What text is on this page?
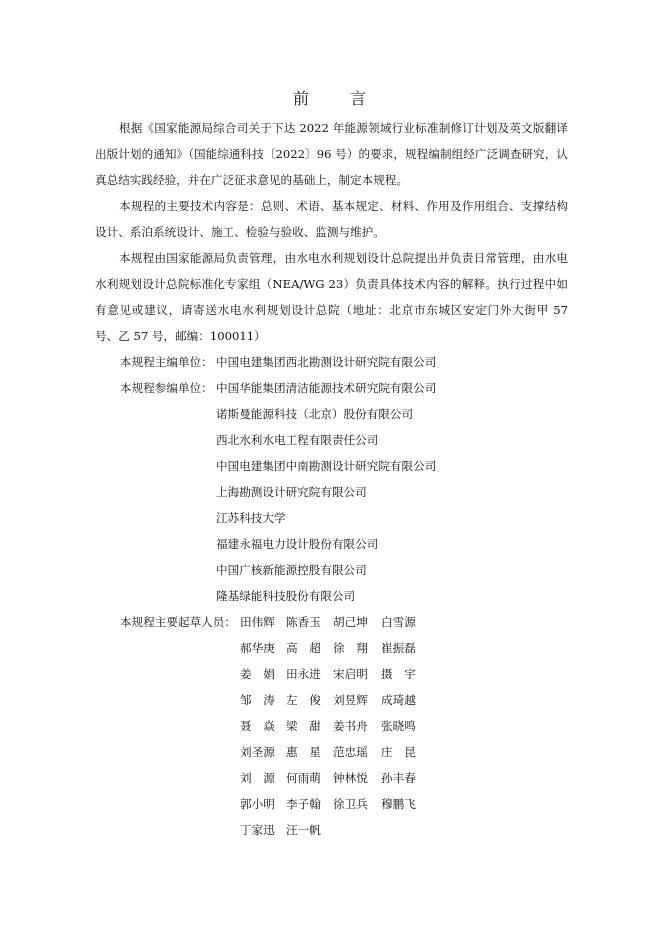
前 言

根据《国家能源局综合司关于下达 2022 年能源领域行业标准制修订计划及英文版翻译出版计划的通知》（国能综通科技〔2022〕96 号）的要求，规程编制组经广泛调查研究，认真总结实践经验，并在广泛征求意见的基础上，制定本规程。

本规程的主要技术内容是：总则、术语、基本规定、材料、作用及作用组合、支撑结构设计、系泊系统设计、施工、检验与验收、监测与维护。

本规程由国家能源局负责管理，由水电水利规划设计总院提出并负责日常管理，由水电水利规划设计总院标准化专家组（NEA/WG 23）负责具体技术内容的解释。执行过程中如有意见或建议，请寄送水电水利规划设计总院（地址：北京市东城区安定门外大街甲 57 号、乙 57 号，邮编：100011）

本规程主编单位： 中国电建集团西北勘测设计研究院有限公司
本规程参编单位： 中国华能集团清洁能源技术研究院有限公司
诺斯曼能源科技（北京）股份有限公司
西北水利水电工程有限责任公司
中国电建集团中南勘测设计研究院有限公司
上海勘测设计研究院有限公司
江苏科技大学
福建永福电力设计股份有限公司
中国广核新能源控股有限公司
隆基绿能科技股份有限公司
本规程主要起草人员： 田伟辉 陈香玉 胡己坤 白雪源
郝华庚 高　超 徐　翔 崔振磊
姜　娟 田永进 宋启明 摄　宇
邹　涛 左　俊 刘昱辉 成琦越
聂　焱 梁　甜 姜书舟 张晓鸣
刘圣源 惠　星 范忠瑶 庄　昆
刘　源 何雨萌 钟林悦 孙丰春
郭小明 李子翰 徐卫兵 穆鹏飞
丁家迅 汪一帆
